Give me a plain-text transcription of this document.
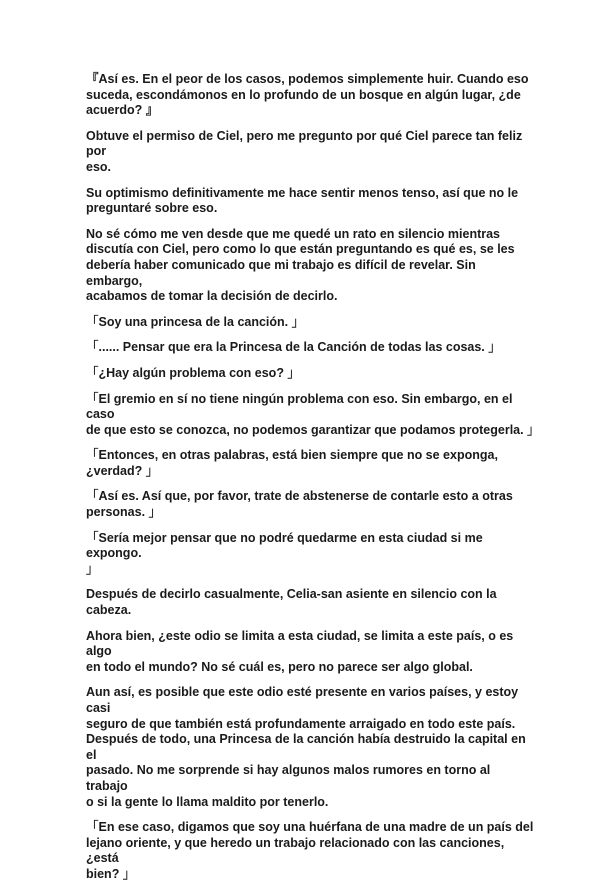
『Así es. En el peor de los casos, podemos simplemente huir. Cuando eso
suceda, escondámonos en lo profundo de un bosque en algún lugar, ¿de
acuerdo? 』

Obtuve el permiso de Ciel, pero me pregunto por qué Ciel parece tan feliz por
eso.

Su optimismo definitivamente me hace sentir menos tenso, así que no le
preguntaré sobre eso.

No sé cómo me ven desde que me quedé un rato en silencio mientras
discutía con Ciel, pero como lo que están preguntando es qué es, se les
debería haber comunicado que mi trabajo es difícil de revelar. Sin embargo,
acabamos de tomar la decisión de decirlo.

「Soy una princesa de la canción. 」

「...... Pensar que era la Princesa de la Canción de todas las cosas. 」

「¿Hay algún problema con eso? 」

「El gremio en sí no tiene ningún problema con eso. Sin embargo, en el caso
de que esto se conozca, no podemos garantizar que podamos protegerla. 」

「Entonces, en otras palabras, está bien siempre que no se exponga,
¿verdad? 」

「Así es. Así que, por favor, trate de abstenerse de contarle esto a otras
personas. 」

「Sería mejor pensar que no podré quedarme en esta ciudad si me expongo.
」

Después de decirlo casualmente, Celia-san asiente en silencio con la cabeza.

Ahora bien, ¿este odio se limita a esta ciudad, se limita a este país, o es algo
en todo el mundo? No sé cuál es, pero no parece ser algo global.

Aun así, es posible que este odio esté presente en varios países, y estoy casi
seguro de que también está profundamente arraigado en todo este país.
Después de todo, una Princesa de la canción había destruido la capital en el
pasado. No me sorprende si hay algunos malos rumores en torno al trabajo
o si la gente lo llama maldito por tenerlo.

「En ese caso, digamos que soy una huérfana de una madre de un país del
lejano oriente, y que heredo un trabajo relacionado con las canciones, ¿está
bien? 」
